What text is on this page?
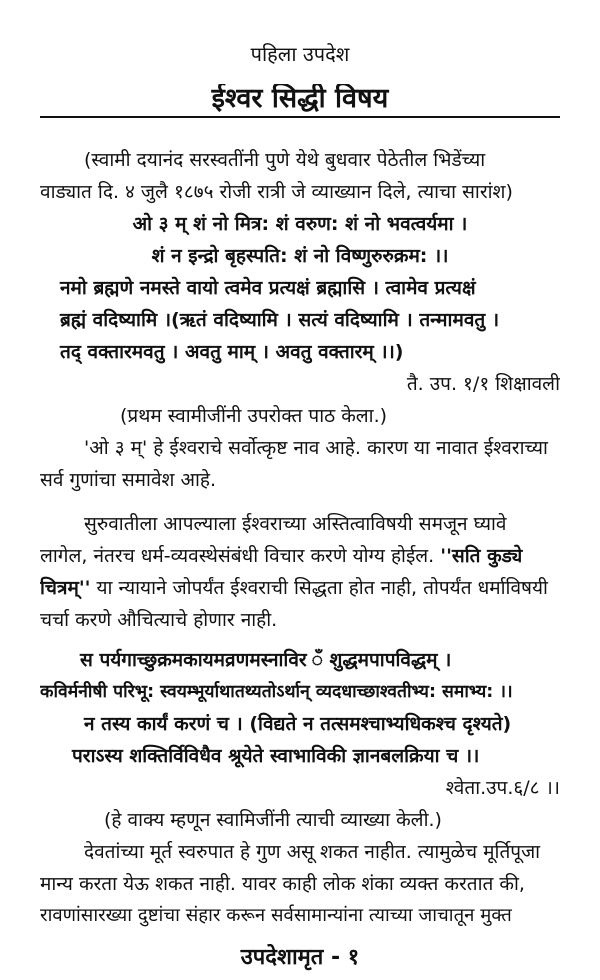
पहिला उपदेश
ईश्वर सिद्धी विषय
(स्वामी दयानंद सरस्वतींनी पुणे येथे बुधवार पेठेतील भिडेंच्या
वाड्यात दि. ४ जुलै १८७५ रोजी रात्री जे व्याख्यान दिले, त्याचा सारांश)
ओ ३ म् शं नो मित्र: शं वरुण: शं नो भवत्वर्यमा ।
शं न इन्द्रो बृहस्पति: शं नो विष्णुरुरुक्रम: ।।
नमो ब्रह्मणे नमस्ते वायो त्वमेव प्रत्यक्षं ब्रह्मासि । त्वामेव प्रत्यक्षं
ब्रह्मं वदिष्यामि ।(ऋतं वदिष्यामि । सत्यं वदिष्यामि । तन्मामवतु ।
तद् वक्तारमवतु । अवतु माम् । अवतु वक्तारम् ।।)
तै. उप. १/१ शिक्षावली
(प्रथम स्वामीजींनी उपरोक्त पाठ केला.)
'ओ ३ म्' हे ईश्वराचे सर्वोत्कृष्ट नाव आहे. कारण या नावात ईश्वराच्या
सर्व गुणांचा समावेश आहे.
सुरुवातीला आपल्याला ईश्वराच्या अस्तित्वाविषयी समजून घ्यावे
लागेल, नंतरच धर्म-व्यवस्थेसंबंधी विचार करणे योग्य होईल. ''सति कुड्ये
चित्रम्'' या न्यायाने जोपर्यंत ईश्वराची सिद्धता होत नाही, तोपर्यंत धर्माविषयी
चर्चा करणे औचित्याचे होणार नाही.
स पर्यगाच्छुक्रमकायमव्रणमस्नाविर ँ शुद्धमपापविद्धम् ।
कविर्मनीषी परिभू: स्वयम्भूर्याथातथ्यतोऽर्थान् व्यदधाच्छाश्वतीभ्य: समाभ्य: ।।
न तस्य कार्यं करणं च । (विद्यते न तत्समश्चाभ्यधिकश्च दृश्यते)
पराऽस्य शक्तिर्विविधैव श्रूयेते स्वाभाविकी ज्ञानबलक्रिया च ।।
श्वेता.उप.६/८ ।।
(हे वाक्य म्हणून स्वामिजींनी त्याची व्याख्या केली.)
देवतांच्या मूर्त स्वरुपात हे गुण असू शकत नाहीत. त्यामुळेच मूर्तिपूजा
मान्य करता येऊ शकत नाही. यावर काही लोक शंका व्यक्त करतात की,
रावणांसारख्या दुष्टांचा संहार करून सर्वसामान्यांना त्याच्या जाचातून मुक्त
उपदेशामृत - १
